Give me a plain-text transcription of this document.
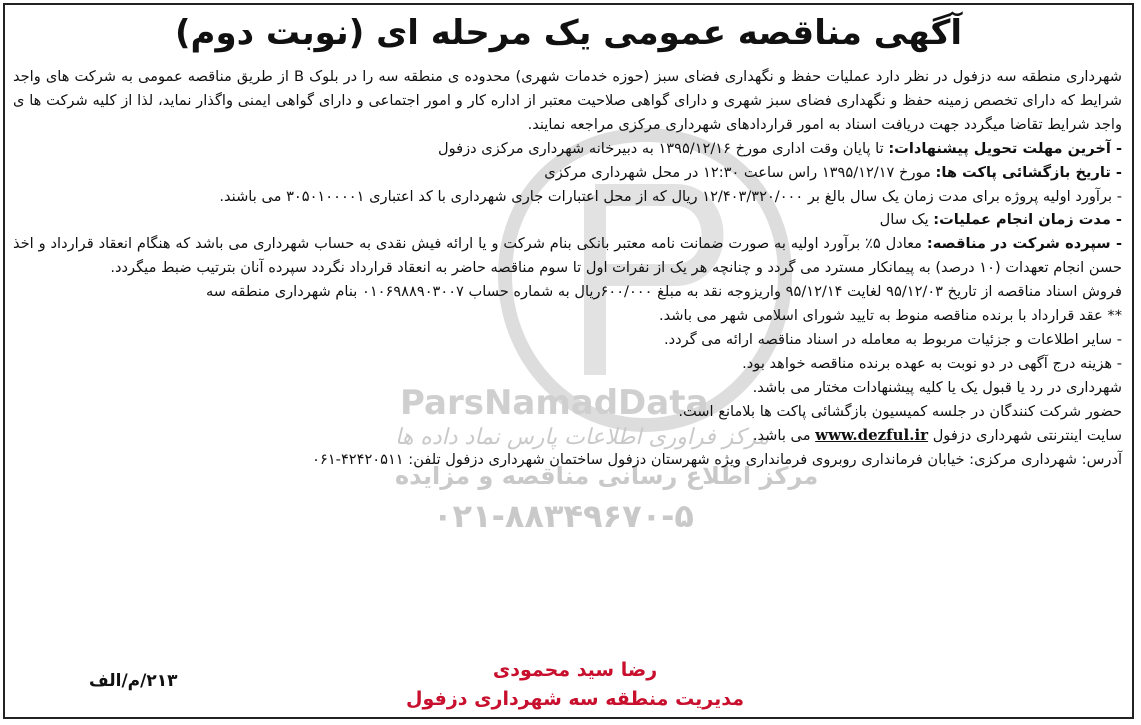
ParsNamadData
مرکز فراوری اطلاعات پارس نماد داده ها
مرکز اطلاع رسانی مناقصه و مزایده
۰۲۱-۸۸۳۴۹۶۷۰-۵
آگهی مناقصه عمومی یک مرحله ای (نوبت دوم)

شهرداری منطقه سه دزفول در نظر دارد عملیات حفظ و نگهداری فضای سبز (حوزه خدمات شهری) محدوده ی منطقه سه را در بلوک B از طریق مناقصه عمومی به شرکت های واجد شرایط که دارای تخصص زمینه حفظ و نگهداری فضای سبز شهری و دارای گواهی صلاحیت معتبر از اداره کار و امور اجتماعی و دارای گواهی ایمنی واگذار نماید، لذا از کلیه شرکت ها ی واجد شرایط تقاضا میگردد جهت دریافت اسناد به امور قراردادهای شهرداری مرکزی مراجعه نمایند.

- آخرین مهلت تحویل پیشنهادات: تا پایان وقت اداری مورخ ۱۳۹۵/۱۲/۱۶ به دبیرخانه شهرداری مرکزی دزفول

- تاریخ بازگشائی پاکت ها: مورخ ۱۳۹۵/۱۲/۱۷ راس ساعت ۱۲:۳۰ در محل شهرداری مرکزی

- برآورد اولیه پروژه برای مدت زمان یک سال بالغ بر ۱۲/۴۰۳/۳۲۰/۰۰۰ ریال که از محل اعتبارات جاری شهرداری با کد اعتباری ۳۰۵۰۱۰۰۰۰۱ می باشند.

- مدت زمان انجام عملیات: یک سال

- سپرده شرکت در مناقصه: معادل ۵٪ برآورد اولیه به صورت ضمانت نامه معتبر بانکی بنام شرکت و یا ارائه فیش نقدی به حساب شهرداری می باشد که هنگام انعقاد قرارداد و اخذ حسن انجام تعهدات (۱۰ درصد) به پیمانکار مسترد می گردد و چنانچه هر یک از نفرات اول تا سوم مناقصه حاضر به انعقاد قرارداد نگردد سپرده آنان بترتیب ضبط میگردد.

فروش اسناد مناقصه از تاریخ ۹۵/۱۲/۰۳ لغایت ۹۵/۱۲/۱۴ واریزوجه نقد به مبلغ ۶۰۰/۰۰۰ریال به شماره حساب ۰۱۰۶۹۸۸۹۰۳۰۰۷ بنام شهرداری منطقه سه

** عقد قرارداد با برنده مناقصه منوط به تایید شورای اسلامی شهر می باشد.

- سایر اطلاعات و جزئیات مربوط به معامله در اسناد مناقصه ارائه می گردد.

- هزینه درج آگهی در دو نوبت به عهده برنده مناقصه خواهد بود.

شهرداری در رد یا قبول یک یا کلیه پیشنهادات مختار می باشد.

حضور شرکت کنندگان در جلسه کمیسیون بازگشائی پاکت ها بلامانع است.

سایت اینترنتی شهرداری دزفول www.dezful.ir می باشد.

آدرس: شهرداری مرکزی: خیابان فرمانداری روبروی فرمانداری ویژه شهرستان دزفول ساختمان شهرداری دزفول تلفن: ۴۲۴۲۰۵۱۱-۰۶۱

رضا سید محمودی
مدیریت منطقه سه شهرداری دزفول
۲۱۳/م/الف
